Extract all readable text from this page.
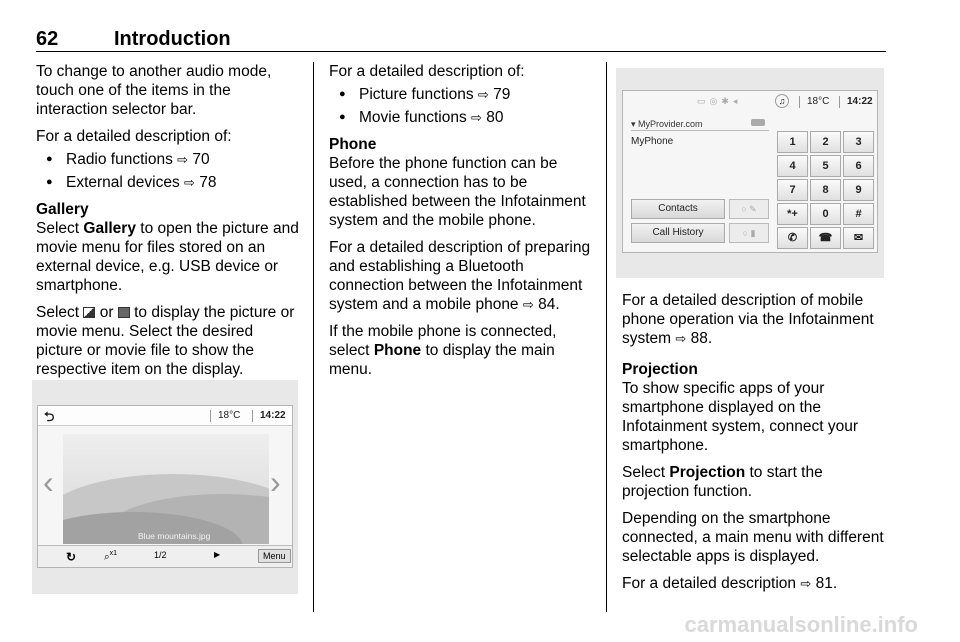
62	Introduction

To change to another audio mode, touch one of the items in the interaction selector bar.

For a detailed description of:

● Radio functions ⇨ 70
● External devices ⇨ 78
Gallery

Select Gallery to open the picture and movie menu for files stored on an external device, e.g. USB device or smartphone.

Select  or  to display the picture or movie menu. Select the desired picture or movie file to show the respective item on the display.

⮌	18°C 14:22
Blue mountains.jpg
‹	›
↻	⌕$^{x1}$	1/2	▶	Menu

For a detailed description of:

● Picture functions ⇨ 79
● Movie functions ⇨ 80
Phone

Before the phone function can be used, a connection has to be established between the Infotainment system and the mobile phone.

For a detailed description of preparing and establishing a Bluetooth connection between the Infotainment system and a mobile phone ⇨ 84.

If the mobile phone is connected, select Phone to display the main menu.

▭◎✱◂	♫	18°C 14:22
▾ MyProvider.com
MyPhone
Contacts	○ ✎
Call History	○ ▮
1	2	3
4	5	6
7	8	9
*+	0	#
✆	☎	✉

For a detailed description of mobile phone operation via the Infotainment system ⇨ 88.

Projection

To show specific apps of your smartphone displayed on the Infotainment system, connect your smartphone.

Select Projection to start the projection function.

Depending on the smartphone connected, a main menu with different selectable apps is displayed.

For a detailed description ⇨ 81.

carmanualsonline.info
